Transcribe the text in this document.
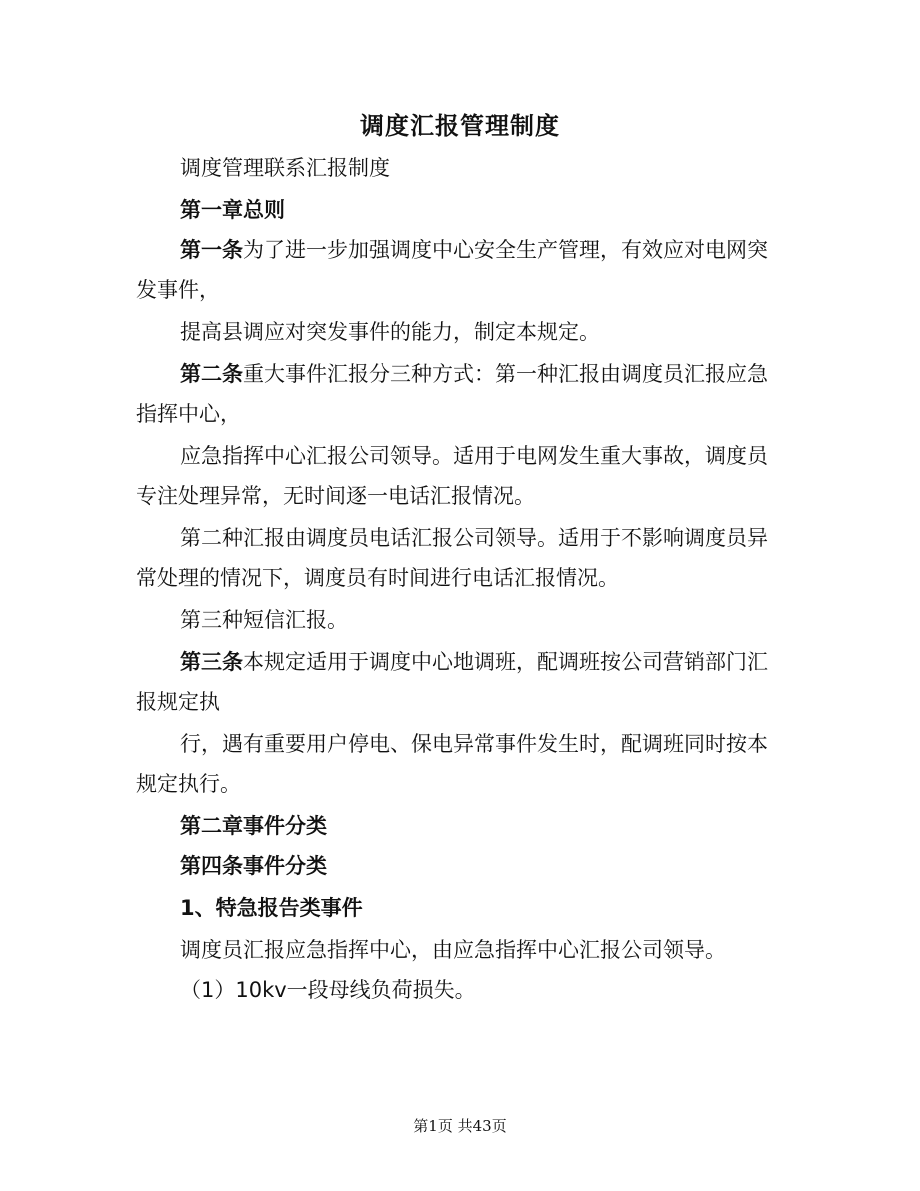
调度汇报管理制度
调度管理联系汇报制度
第一章总则
第一条为了进一步加强调度中心安全生产管理，有效应对电网突
发事件，
提高县调应对突发事件的能力，制定本规定。
第二条重大事件汇报分三种方式：第一种汇报由调度员汇报应急
指挥中心，
应急指挥中心汇报公司领导。适用于电网发生重大事故，调度员
专注处理异常，无时间逐一电话汇报情况。
第二种汇报由调度员电话汇报公司领导。适用于不影响调度员异
常处理的情况下，调度员有时间进行电话汇报情况。
第三种短信汇报。
第三条本规定适用于调度中心地调班，配调班按公司营销部门汇
报规定执
行，遇有重要用户停电、保电异常事件发生时，配调班同时按本
规定执行。
第二章事件分类
第四条事件分类
1、特急报告类事件
调度员汇报应急指挥中心，由应急指挥中心汇报公司领导。
（1）10kv一段母线负荷损失。
第1页 共43页
